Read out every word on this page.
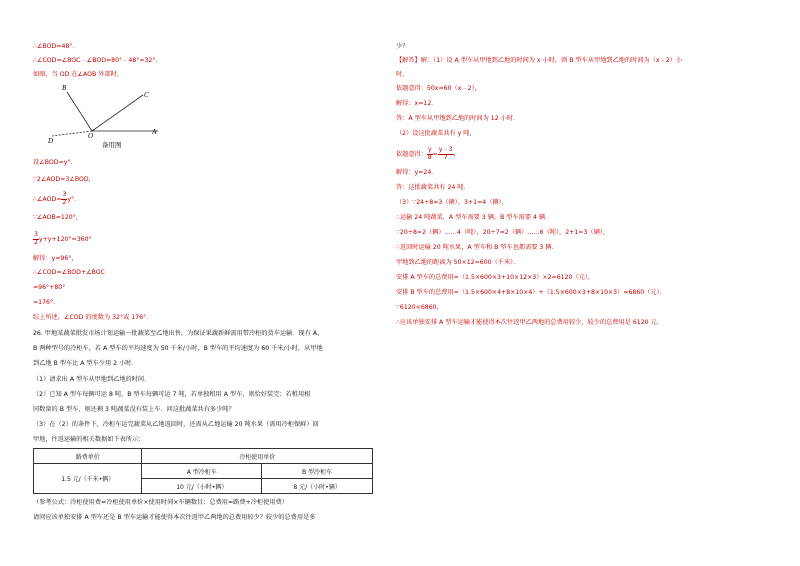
∴∠BOD=48°.
∴∠COD=∠BOC﹣∠BOD=80°﹣48°=32°.
如图，当 OD 在∠AOB 外部时，
B
C
D
O	A
备用图
设∠BOD=y°.
∵2∠AOD=3∠BOD，
∴∠AOD= $\frac{3}{2} y^\circ$.
∵∠AOB=120°，
$\frac{3}{2} y+y+120^\circ=360^\circ$
解得：y=96°，
∴∠COD=∠BOD+∠BOC
=96°+80°
=176°.
综上所述，∠COD 的度数为 32°或 176°.
26. 甲地某蔬菜批发市场计划运输一批蔬菜至乙地出售，为保证果蔬新鲜需用带冷柜的货车运输．现有 A，
B 两种型号的冷柜车，若 A 型车的平均速度为 50 千米/小时，B 型车的平均速度为 60 千米/小时，从甲地
到乙地 B 型车比 A 型车少用 2 小时．
（1）请求出 A 型车从甲地到乙地的时间．
（2）已知 A 型车每辆可运 8 吨，B 型车每辆可运 7 吨，若单独租用 A 型车，则恰好装完；若租用相
同数量的 B 型车，则还剩 3 吨蔬菜没有装上车．问这批蔬菜共有多少吨？
（3）在（2）的条件下，冷柜车运完蔬菜从乙地返回时，还需从乙地运输 20 吨水果（需用冷柜保鲜）回
甲地，往返运输的相关数据如下表所示：
路费单价	冷柜使用单价	
1.5 元/（千米•辆）	A 型冷柜车	B 型冷柜车
	10 元/（小时•辆）	8 元/（小时•辆）
（参考公式：冷柜使用费=冷柜使用单价×使用时间×车辆数目；总费用=路费+冷柜使用费）
请问应该单独安排 A 型车还是 B 型车运输才能使得本次往返甲乙两地的总费用较少？较少的总费用是多
少？
【解答】解：（1）设 A 型车从甲地到乙地的时间为 x 小时，则 B 型车从甲地到乙地的时间为（x﹣2）小
时，
依题意得：50x=60（x﹣2），
解得：x=12．
答：A 型车从甲地到乙地的时间为 12 小时．
（2）设这批蔬菜共有 y 吨，
依题意得： $\frac{y}{8} = \frac{y﹣3}{7}$ ，
解得：y=24．
答：这批蔬菜共有 24 吨．
（3）∵24÷8=3（辆），3+1=4（辆），
∴运输 24 吨蔬菜，A 型车需要 3 辆，B 型车需要 4 辆．
∵20÷8=2（辆）……4（吨），20÷7=2（辆）……6（吨），2+1=3（辆），
∴返回时运输 20 吨水果，A 型车和 B 型车也都需要 3 辆．
甲地到乙地的距离为 50×12=600（千米）．
安排 A 型车的总费用=（1.5×600×3+10×12×3）×2=6120（元），
安排 B 型车的总费用=（1.5×600×4+8×10×4）+（1.5×600×3+8×10×3）=6860（元）．
∵6120<6860，
∴应该单独安排 A 型车运输才能使得本次往返甲乙两地的总费用较少，较少的总费用是 6120 元．
